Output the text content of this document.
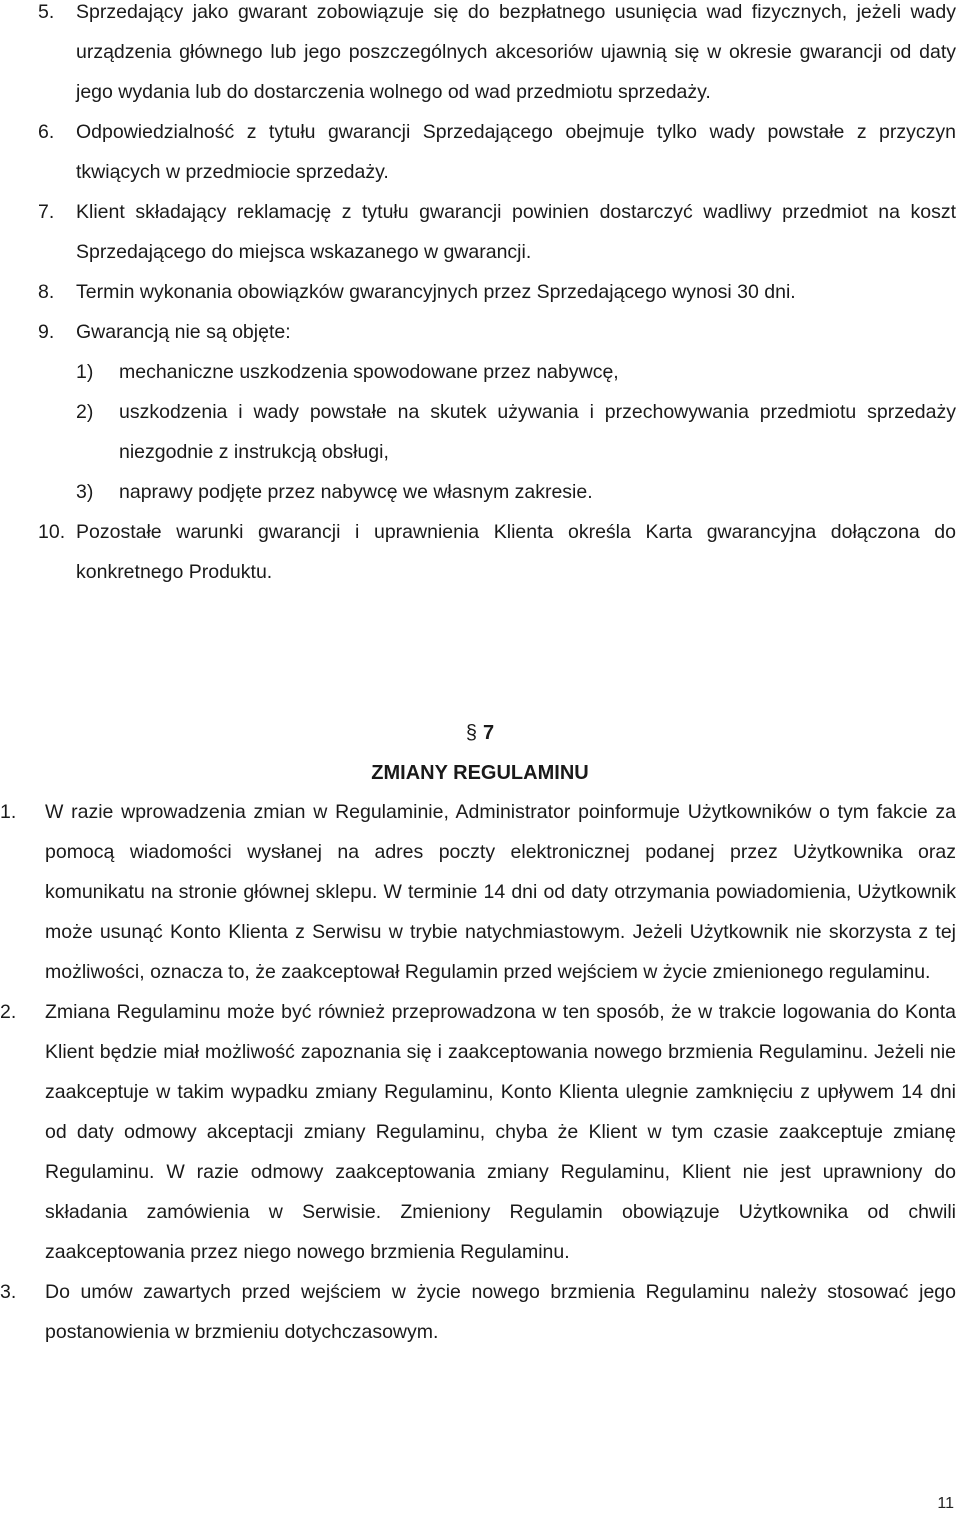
5. Sprzedający jako gwarant zobowiązuje się do bezpłatnego usunięcia wad fizycznych, jeżeli wady urządzenia głównego lub jego poszczególnych akcesoriów ujawnią się w okresie gwarancji od daty jego wydania lub do dostarczenia wolnego od wad przedmiotu sprzedaży.
6. Odpowiedzialność z tytułu gwarancji Sprzedającego obejmuje tylko wady powstałe z przyczyn tkwiących w przedmiocie sprzedaży.
7. Klient składający reklamację z tytułu gwarancji powinien dostarczyć wadliwy przedmiot na koszt Sprzedającego do miejsca wskazanego w gwarancji.
8. Termin wykonania obowiązków gwarancyjnych przez Sprzedającego wynosi 30 dni.
9. Gwarancją nie są objęte:
1) mechaniczne uszkodzenia spowodowane przez nabywcę,
2) uszkodzenia i wady powstałe na skutek używania i przechowywania przedmiotu sprzedaży niezgodnie z instrukcją obsługi,
3) naprawy podjęte przez nabywcę we własnym zakresie.
10. Pozostałe warunki gwarancji i uprawnienia Klienta określa Karta gwarancyjna dołączona do konkretnego Produktu.
§ 7
ZMIANY REGULAMINU
1. W razie wprowadzenia zmian w Regulaminie, Administrator poinformuje Użytkowników o tym fakcie za pomocą wiadomości wysłanej na adres poczty elektronicznej podanej przez Użytkownika oraz komunikatu na stronie głównej sklepu. W terminie 14 dni od daty otrzymania powiadomienia, Użytkownik może usunąć Konto Klienta z Serwisu w trybie natychmiastowym. Jeżeli Użytkownik nie skorzysta z tej możliwości, oznacza to, że zaakceptował Regulamin przed wejściem w życie zmienionego regulaminu.
2. Zmiana Regulaminu może być również przeprowadzona w ten sposób, że w trakcie logowania do Konta Klient będzie miał możliwość zapoznania się i zaakceptowania nowego brzmienia Regulaminu. Jeżeli nie zaakceptuje w takim wypadku zmiany Regulaminu, Konto Klienta ulegnie zamknięciu z upływem 14 dni od daty odmowy akceptacji zmiany Regulaminu, chyba że Klient w tym czasie zaakceptuje zmianę Regulaminu. W razie odmowy zaakceptowania zmiany Regulaminu, Klient nie jest uprawniony do składania zamówienia w Serwisie. Zmieniony Regulamin obowiązuje Użytkownika od chwili zaakceptowania przez niego nowego brzmienia Regulaminu.
3. Do umów zawartych przed wejściem w życie nowego brzmienia Regulaminu należy stosować jego postanowienia w brzmieniu dotychczasowym.
11
